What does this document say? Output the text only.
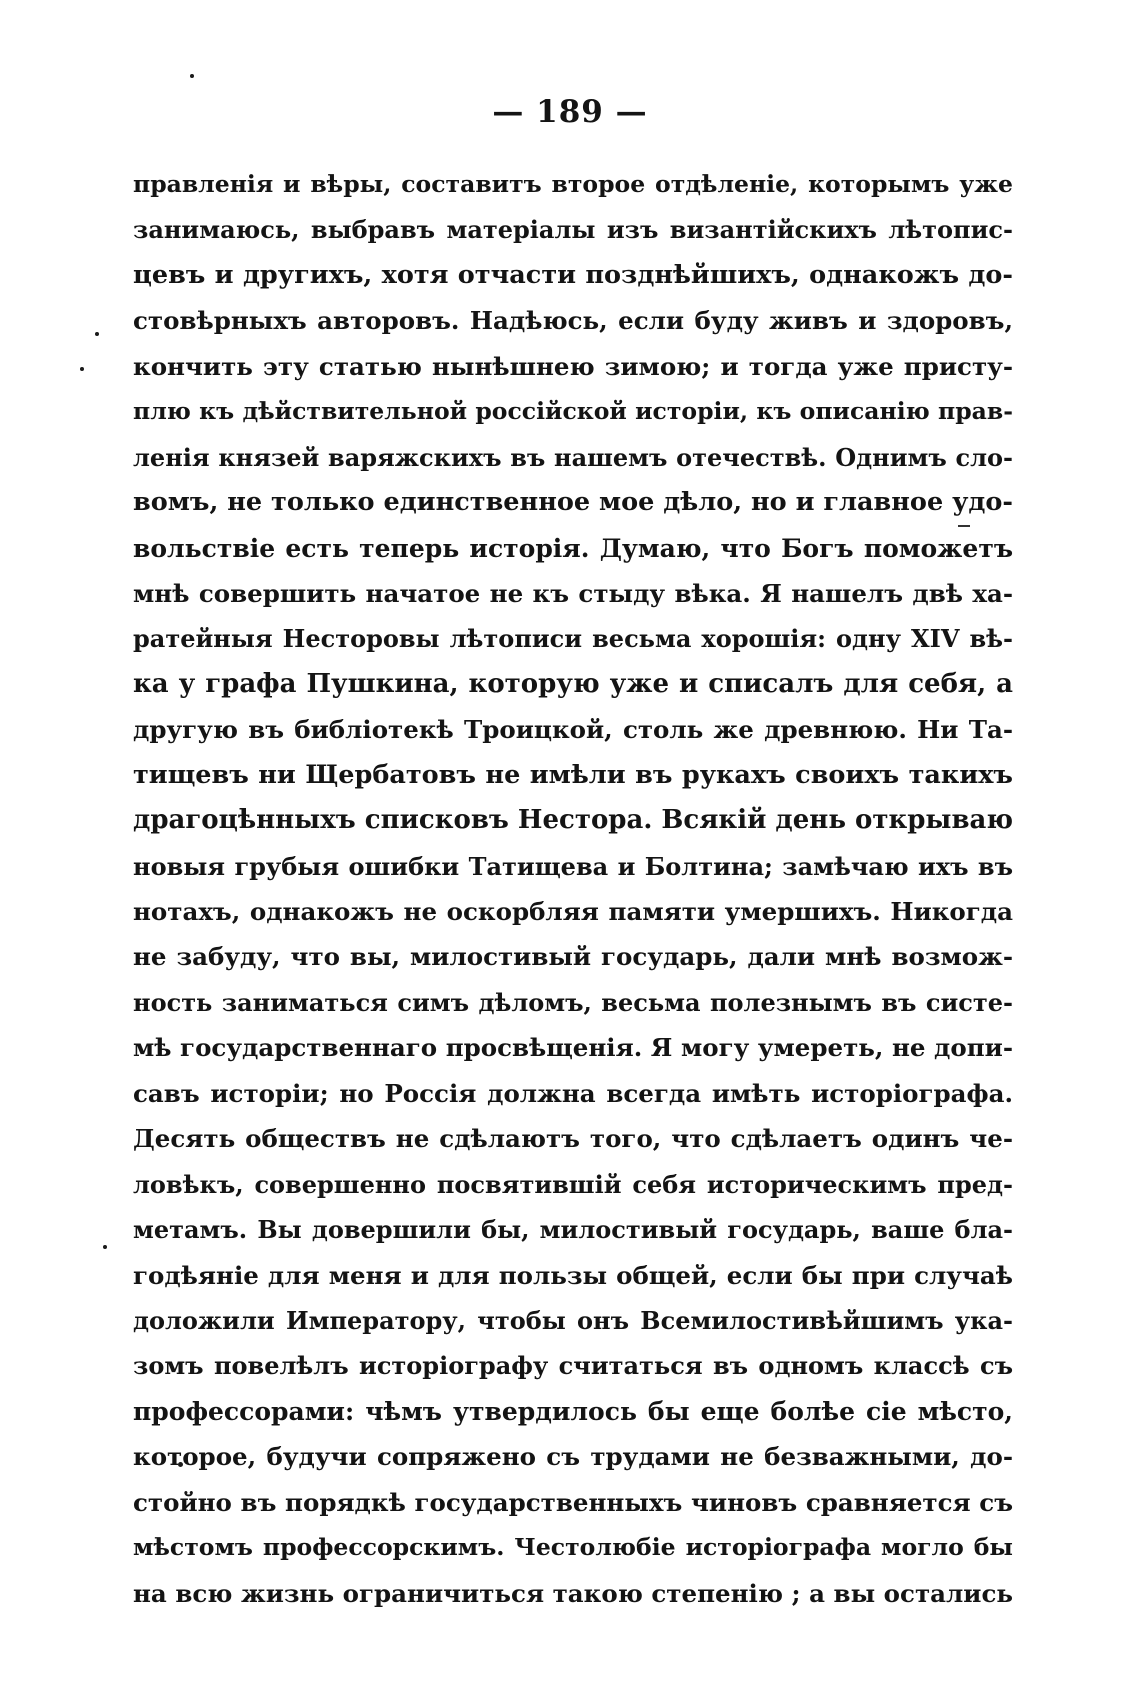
— 189 —
правленія и вѣры, составитъ второе отдѣленіе, которымъ уже
занимаюсь, выбравъ матеріалы изъ византійскихъ лѣтопис-
цевъ и другихъ, хотя отчасти позднѣйшихъ, однакожъ до-
стовѣрныхъ авторовъ. Надѣюсь, если буду живъ и здоровъ,
кончить эту статью нынѣшнею зимою; и тогда уже присту-
плю къ дѣйствительной россійской исторіи, къ описанію прав-
ленія князей варяжскихъ въ нашемъ отечествѣ. Однимъ сло-
вомъ, не только единственное мое дѣло, но и главное удо-
вольствіе есть теперь исторія. Думаю, что Богъ поможетъ
мнѣ совершить начатое не къ стыду вѣка. Я нашелъ двѣ ха-
ратейныя Несторовы лѣтописи весьма хорошія: одну XIV вѣ-
ка у графа Пушкина, которую уже и списалъ для себя, а
другую въ библіотекѣ Троицкой, столь же древнюю. Ни Та-
тищевъ ни Щербатовъ не имѣли въ рукахъ своихъ такихъ
драгоцѣнныхъ списковъ Нестора. Всякій день открываю
новыя грубыя ошибки Татищева и Болтина; замѣчаю ихъ въ
нотахъ, однакожъ не оскорбляя памяти умершихъ. Никогда
не забуду, что вы, милостивый государь, дали мнѣ возмож-
ность заниматься симъ дѣломъ, весьма полезнымъ въ систе-
мѣ государственнаго просвѣщенія. Я могу умереть, не допи-
савъ исторіи; но Россія должна всегда имѣть исторіографа.
Десять обществъ не сдѣлаютъ того, что сдѣлаетъ одинъ че-
ловѣкъ, совершенно посвятившій себя историческимъ пред-
метамъ. Вы довершили бы, милостивый государь, ваше бла-
годѣяніе для меня и для пользы общей, если бы при случаѣ
доложили Императору, чтобы онъ Всемилостивѣйшимъ ука-
зомъ повелѣлъ исторіографу считаться въ одномъ классѣ съ
профессорами: чѣмъ утвердилось бы еще болѣе сіе мѣсто,
которое, будучи сопряжено съ трудами не безважными, до-
стойно въ порядкѣ государственныхъ чиновъ сравняется съ
мѣстомъ профессорскимъ. Честолюбіе исторіографа могло бы
на всю жизнь ограничиться такою степенію ; а вы остались
